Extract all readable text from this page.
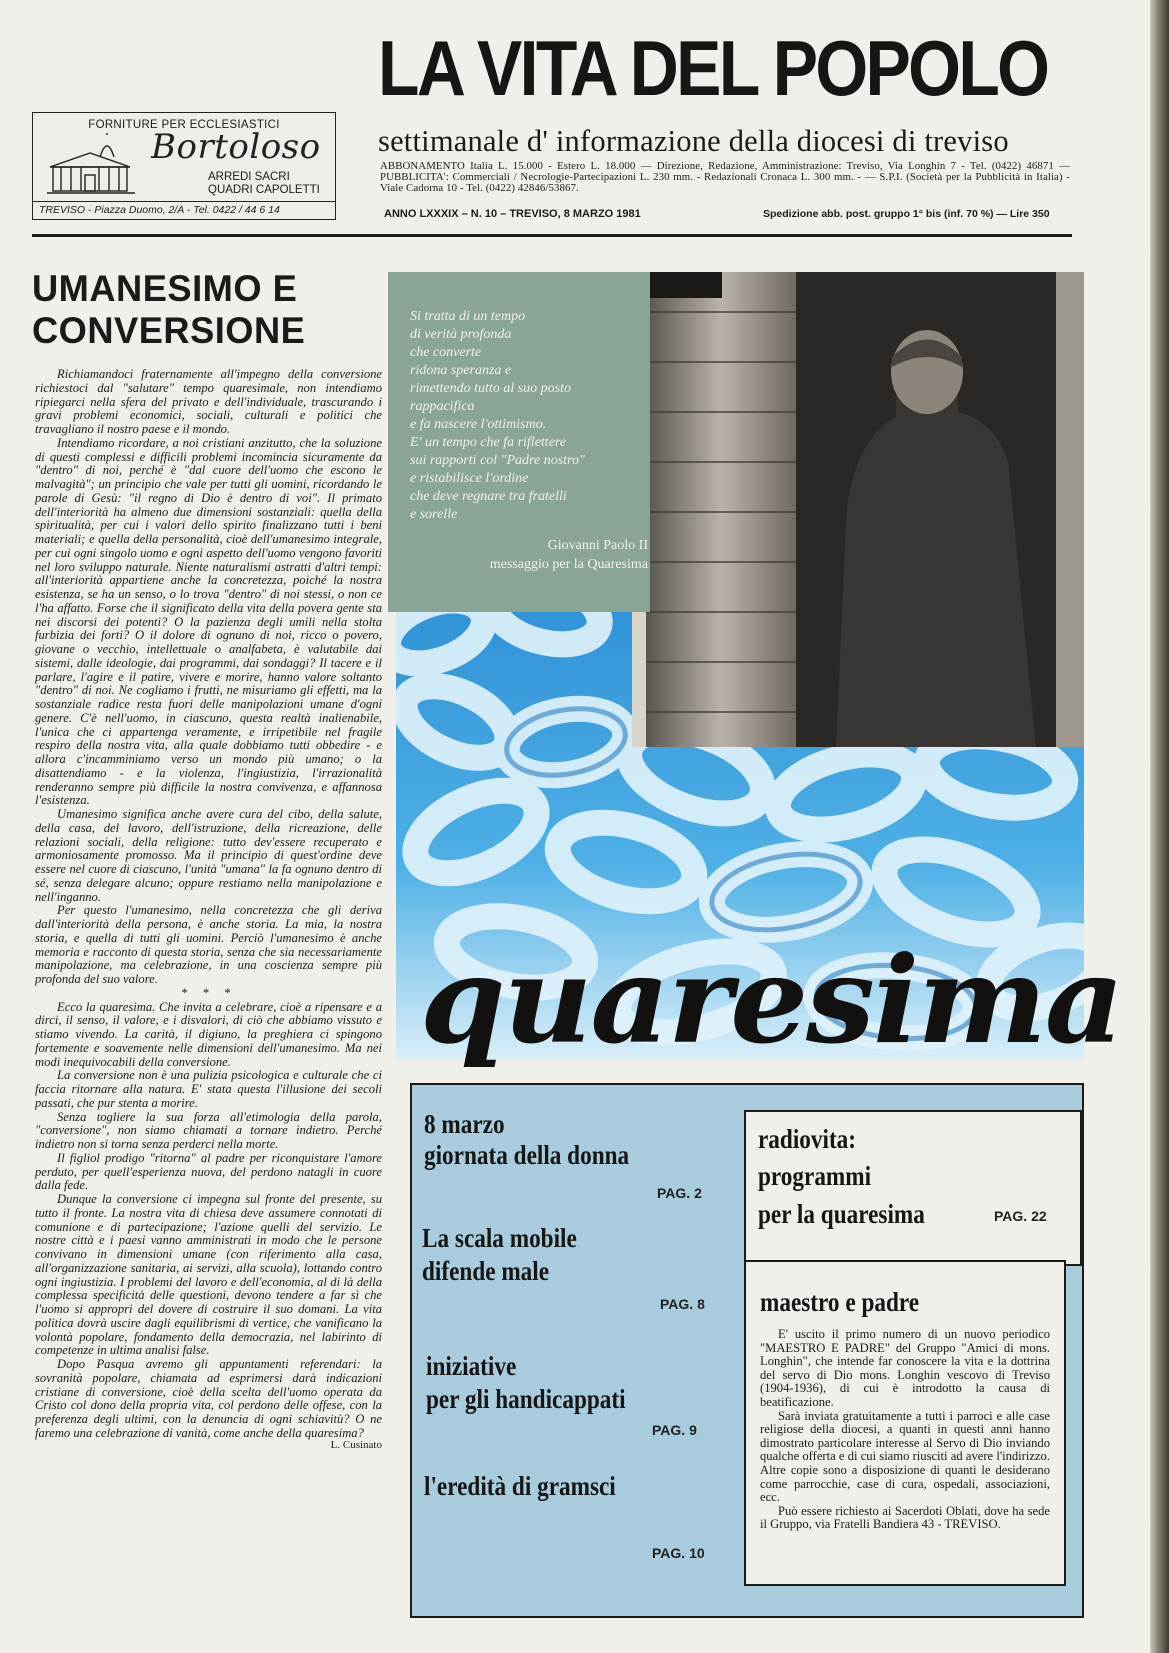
FORNITURE PER ECCLESIASTICI
Bortoloso
ARREDI SACRI
QUADRI CAPOLETTI
TREVISO - Piazza Duomo, 2/A - Tel. 0422 / 44 6 14
LA VITA DEL POPOLO
settimanale d' informazione della diocesi di treviso
ABBONAMENTO Italia L. 15.000 - Estero L. 18.000 — Direzione, Redazione, Amministrazione: Treviso, Via Longhin 7 - Tel. (0422) 46871 — PUBBLICITA': Commerciali / Necrologie-Partecipazioni L. 230 mm. - Redazionali Cronaca L. 300 mm. - — S.P.I. (Società per la Pubblicità in Italia) - Viale Cadorna 10 - Tel. (0422) 42846/53867.
ANNO LXXXIX – N. 10 – TREVISO, 8 MARZO 1981	Spedizione abb. post. gruppo 1° bis (inf. 70 %) — Lire 350
UMANESIMO E CONVERSIONE

Richiamandoci fraternamente all'impegno della conversione richiestoci dal "salutare" tempo quaresimale, non intendiamo ripiegarci nella sfera del privato e dell'individuale, trascurando i gravi problemi economici, sociali, culturali e politici che travagliano il nostro paese e il mondo.

Intendiamo ricordare, a noi cristiani anzitutto, che la soluzione di questi complessi e difficili problemi incomincia sicuramente da "dentro" di noi, perché è "dal cuore dell'uomo che escono le malvagità"; un principio che vale per tutti gli uomini, ricordando le parole di Gesù: "il regno di Dio è dentro di voi". Il primato dell'interiorità ha almeno due dimensioni sostanziali: quella della spiritualità, per cui i valori dello spirito finalizzano tutti i beni materiali; e quella della personalità, cioè dell'umanesimo integrale, per cui ogni singolo uomo e ogni aspetto dell'uomo vengono favoriti nel loro sviluppo naturale. Niente naturalismi astratti d'altri tempi: all'interiorità appartiene anche la concretezza, poiché la nostra esistenza, se ha un senso, o lo trova "dentro" di noi stessi, o non ce l'ha affatto. Forse che il significato della vita della povera gente sta nei discorsi dei potenti? O la pazienza degli umili nella stolta furbizia dei forti? O il dolore di ognuno di noi, ricco o povero, giovane o vecchio, intellettuale o analfabeta, è valutabile dai sistemi, dalle ideologie, dai programmi, dai sondaggi? Il tacere e il parlare, l'agire e il patire, vivere e morire, hanno valore soltanto "dentro" di noi. Ne cogliamo i frutti, ne misuriamo gli effetti, ma la sostanziale radice resta fuori delle manipolazioni umane d'ogni genere. C'è nell'uomo, in ciascuno, questa realtà inalienabile, l'unica che ci appartenga veramente, e irripetibile nel fragile respiro della nostra vita, alla quale dobbiamo tutti obbedire - e allora c'incamminiamo verso un mondo più umano; o la disattendiamo - e la violenza, l'ingiustizia, l'irrazionalità renderanno sempre più difficile la nostra convivenza, e affannosa l'esistenza.

Umanesimo significa anche avere cura del cibo, della salute, della casa, del lavoro, dell'istruzione, della ricreazione, delle relazioni sociali, della religione: tutto dev'essere recuperato e armoniosamente promosso. Ma il principio di quest'ordine deve essere nel cuore di ciascuno, l'unità "umana" la fa ognuno dentro di sé, senza delegare alcuno; oppure restiamo nella manipolazione e nell'inganno.

Per questo l'umanesimo, nella concretezza che gli deriva dall'interiorità della persona, è anche storia. La mia, la nostra storia, e quella di tutti gli uomini. Perciò l'umanesimo è anche memoria e racconto di questa storia, senza che sia necessariamente manipolazione, ma celebrazione, in una coscienza sempre più profonda del suo valore.

* * *

Ecco la quaresima. Che invita a celebrare, cioè a ripensare e a dirci, il senso, il valore, e i disvalori, di ciò che abbiamo vissuto e stiamo vivendo. La carità, il digiuno, la preghiera ci spingono fortemente e soavemente nelle dimensioni dell'umanesimo. Ma nei modi inequivocabili della conversione.

La conversione non è una pulizia psicologica e culturale che ci faccia ritornare alla natura. E' stata questa l'illusione dei secoli passati, che pur stenta a morire.

Senza togliere la sua forza all'etimologia della parola, "conversione", non siamo chiamati a tornare indietro. Perché indietro non si torna senza perderci nella morte.

Il figliol prodigo "ritorna" al padre per riconquistare l'amore perduto, per quell'esperienza nuova, del perdono natagli in cuore dalla fede.

Dunque la conversione ci impegna sul fronte del presente, su tutto il fronte. La nostra vita di chiesa deve assumere connotati di comunione e di partecipazione; l'azione quelli del servizio. Le nostre città e i paesi vanno amministrati in modo che le persone convivano in dimensioni umane (con riferimento alla casa, all'organizzazione sanitaria, ai servizi, alla scuola), lottando contro ogni ingiustizia. I problemi del lavoro e dell'economia, al di là della complessa specificità delle questioni, devono tendere a far sì che l'uomo si appropri del dovere di costruire il suo domani. La vita politica dovrà uscire dagli equilibrismi di vertice, che vanificano la volontà popolare, fondamento della democrazia, nel labirinto di competenze in ultima analisi false.

Dopo Pasqua avremo gli appuntamenti referendari: la sovranità popolare, chiamata ad esprimersi darà indicazioni cristiane di conversione, cioè della scelta dell'uomo operata da Cristo col dono della propria vita, col perdono delle offese, con la preferenza degli ultimi, con la denuncia di ogni schiavitù? O ne faremo una celebrazione di vanità, come anche della quaresima?

L. Cusinato

Si tratta di un tempo
di verità profonda
che converte
ridona speranza e
rimettendo tutto al suo posto
rappacifica
e fa nascere l'ottimismo.
E' un tempo che fa riflettere
sui rapporti col "Padre nostro"
e ristabilisce l'ordine
che deve regnare tra fratelli
e sorelle
Giovanni Paolo II
messaggio per la Quaresima
quaresima
8 marzo
giornata della donna
PAG. 2
La scala mobile
difende male
PAG. 8
iniziative
per gli handicappati
PAG. 9
l'eredità di gramsci
PAG. 10
radiovita:
programmi
per la quaresima	PAG. 22
maestro e padre

E' uscito il primo numero di un nuovo periodico "MAESTRO E PADRE" del Gruppo "Amici di mons. Longhin", che intende far conoscere la vita e la dottrina del servo di Dio mons. Longhin vescovo di Treviso (1904-1936), di cui è introdotto la causa di beatificazione.

Sarà inviata gratuitamente a tutti i parroci e alle case religiose della diocesi, a quanti in questi anni hanno dimostrato particolare interesse al Servo di Dio inviando qualche offerta e di cui siamo riusciti ad avere l'indirizzo. Altre copie sono a disposizione di quanti le desiderano come parrocchie, case di cura, ospedali, associazioni, ecc.

Può essere richiesto ai Sacerdoti Oblati, dove ha sede il Gruppo, via Fratelli Bandiera 43 - TREVISO.
